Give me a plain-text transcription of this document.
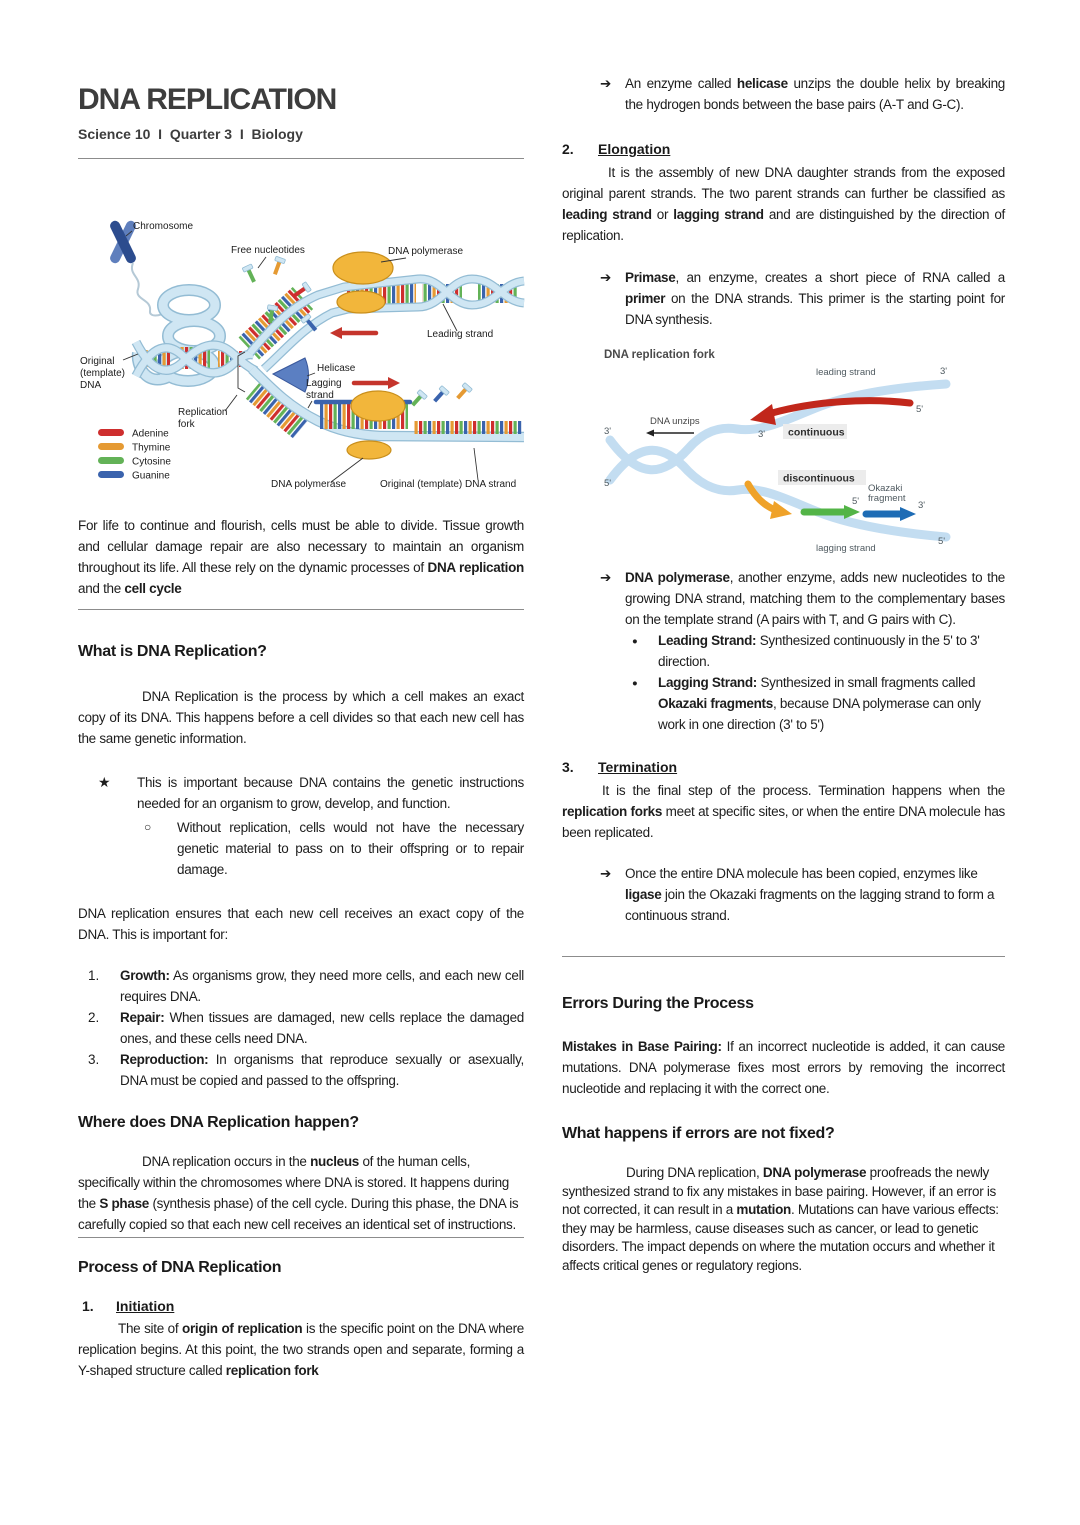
DNA REPLICATION
Science 10  I  Quarter 3  I  Biology
Chromosome
Free nucleotides	DNA polymerase
Leading strand
Helicase
Lagging
strand
Original
(template)
DNA
Replication
fork
DNA polymerase	Original (template) DNA strand
Adenine
Thymine
Cytosine
Guanine

For life to continue and flourish, cells must be able to divide. Tissue growth and cellular damage repair are also necessary to maintain an organism throughout its life. All these rely on the dynamic processes of DNA replication and the cell cycle

What is DNA Replication?

DNA Replication is the process by which a cell makes an exact copy of its DNA. This happens before a cell divides so that each new cell has the same genetic information.

★	This is important because DNA contains the genetic instructions needed for an organism to grow, develop, and function.
○	Without replication, cells would not have the necessary genetic material to pass on to their offspring or to repair damage.

DNA replication ensures that each new cell receives an exact copy of the DNA. This is important for:

1.	Growth: As organisms grow, they need more cells, and each new cell requires DNA.
2.	Repair: When tissues are damaged, new cells replace the damaged ones, and these cells need DNA.
3.	Reproduction: In organisms that reproduce sexually or asexually, DNA must be copied and passed to the offspring.
Where does DNA Replication happen?

DNA replication occurs in the nucleus of the human cells, specifically within the chromosomes where DNA is stored. It happens during the S phase (synthesis phase) of the cell cycle. During this phase, the DNA is carefully copied so that each new cell receives an identical set of instructions.

Process of DNA Replication
1.	Initiation

The site of origin of replication is the specific point on the DNA where replication begins. At this point, the two strands open and separate, forming a Y-shaped structure called replication fork

➔	An enzyme called helicase unzips the double helix by breaking the hydrogen bonds between the base pairs (A-T and G-C).
2.	Elongation

It is the assembly of new DNA daughter strands from the exposed original parent strands. The two parent strands can further be classified as leading strand or lagging strand and are distinguished by the direction of replication.

➔	Primase, an enzyme, creates a short piece of RNA called a primer on the DNA strands. This primer is the starting point for DNA synthesis.
DNA replication fork
3'
5'
DNA unzips
leading strand	3'
5'
3' continuous
discontinuous
5'	3'
Okazaki
fragment
lagging strand
5'
➔	DNA polymerase, another enzyme, adds new nucleotides to the growing DNA strand, matching them to the complementary bases on the template strand (A pairs with T, and G pairs with C).
●	Leading Strand: Synthesized continuously in the 5' to 3' direction.
●	Lagging Strand: Synthesized in small fragments called Okazaki fragments, because DNA polymerase can only work in one direction (3' to 5')
3.	Termination

It is the final step of the process. Termination happens when the replication forks meet at specific sites, or when the entire DNA molecule has been replicated.

➔	Once the entire DNA molecule has been copied, enzymes like ligase join the Okazaki fragments on the lagging strand to form a continuous strand.
Errors During the Process

Mistakes in Base Pairing: If an incorrect nucleotide is added, it can cause mutations. DNA polymerase fixes most errors by removing the incorrect nucleotide and replacing it with the correct one.

What happens if errors are not fixed?

During DNA replication, DNA polymerase proofreads the newly synthesized strand to fix any mistakes in base pairing. However, if an error is not corrected, it can result in a mutation. Mutations can have various effects: they may be harmless, cause diseases such as cancer, or lead to genetic disorders. The impact depends on where the mutation occurs and whether it affects critical genes or regulatory regions.
